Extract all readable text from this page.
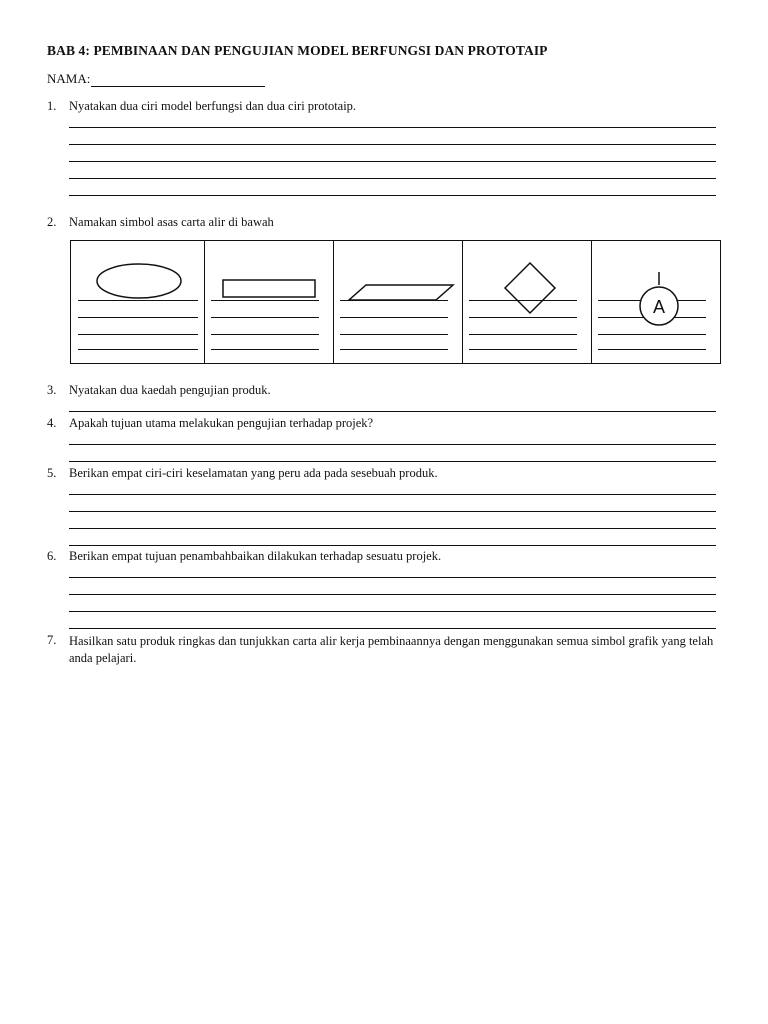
BAB 4: PEMBINAAN DAN PENGUJIAN MODEL BERFUNGSI DAN PROTOTAIP
NAMA:
1. Nyatakan dua ciri model berfungsi dan dua ciri prototaip.
2. Namakan simbol asas carta alir di bawah
A
3. Nyatakan dua kaedah pengujian produk.
4. Apakah tujuan utama melakukan pengujian terhadap projek?
5. Berikan empat ciri-ciri keselamatan yang peru ada pada sesebuah produk.
6. Berikan empat tujuan penambahbaikan dilakukan terhadap sesuatu projek.
7. Hasilkan satu produk ringkas dan tunjukkan carta alir kerja pembinaannya dengan menggunakan semua simbol grafik yang telah anda pelajari.
